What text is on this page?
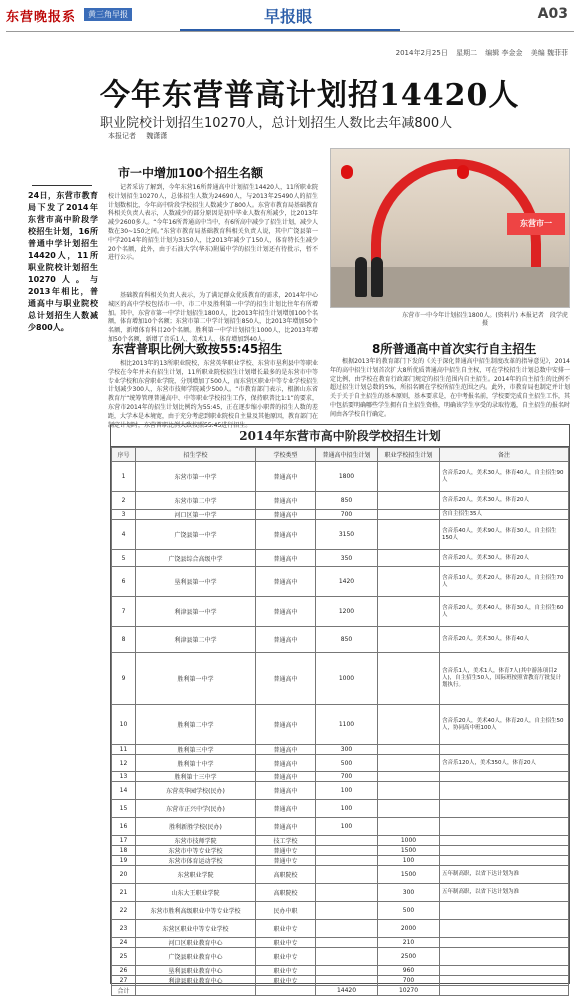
东营晚报系	黄三角早报	早报眼	A03
2014年2月25日 星期二 编辑 李金金 美编 魏菲菲
今年东营普高计划招14420人
职业院校计划招生10270人，总计划招生人数比去年减800人
本报记者 魏潇潇
24日，东营市教育局下发了2014年东营市高中阶段学校招生计划，16所普通中学计划招生14420人，11所职业院校计划招生10270人。与2013年相比，普通高中与职业院校总计划招生人数减少800人。
市一中增加100个招生名额
记者采访了解到，今年东营16所普通高中计划招生14420人，11所职业院校计划招生10270人，总体招生人数为24690人，与2013年25490人的招生计划数相比，今年高中阶段学校招生人数减少了800人。东营市教育局基础教育科相关负责人表示，人数减少的部分原因是初中毕业人数有所减少，比2013年减少2600多人。“今年16所普通高中当中，有6所高中减少了招生计划，减少人数在30~150之间。”东营市教育局基础教育科相关负责人说，其中广饶县第一中学2014年的招生计划为3150人，比2013年减少了150人，体育特长生减少20个名额，此外，由于石油大学(华东)附属中学的招生计划还有待批示，暂不进行公示。
基础教育科相关负责人表示，为了满足群众优质教育的需求，2014年中心城区的高中学校包括市一中、市二中及胜利第一中学的招生计划比往年有所增加。其中，东营市第一中学计划招生1800人，比2013年招生计划增加100个名额，体育增加10个名额；东营市第二中学计划招生850人，比2013年增加50个名额，新增体育科目20个名额。胜利第一中学计划招生1000人，比2013年增加50个名额，新增了音乐1人、美术1人、体育增加到40人。
东营普职比例大致按55:45招生
相比2013年的13所职业院校，东营英华职业学校、东营市垦利县中等职业学校在今年并未有招生计划，11所职业院校招生计划增长最多的是东营市中等专业学校和东营职业学院，分别增加了500人，而东营区职业中等专业学校招生计划减少300人，东营市技师学院减少500人。“市教育部门表示，根据山东省教育厅“统筹管理普通高中、中等职业学校招生工作，保持职普比1:1”的要求，东营市2014年的招生计划比例约为55:45，正在逐步缩小职普的招生人数的差距，大学本是本境宽，由于充分考虑到职业院校自主量及其他原因，教育部门在制定计划时，东营普职比例大致按照55:45进行招生。
东营市一
东营市一中今年计划招生1800人。(资料片) 本报记者　段学虎　摄
8所普通高中首次实行自主招生
根据2013年的教育部门下发的《关于深化普通高中招生制度改革的指导意见》，2014年的高中招生计划首次扩大8所优质普通高中招生自主权，可在学校招生计划总数中安排一定比例，由学校在教育行政部门规定的招生范围内自主招生。2014年的自主招生的比例不超过招生计划总数的5%，所招名额在学校所招生范围之内。此外，市教育局也制定并计划关于关于自主招生的基本原则，基本要求是，在中考报名前，学校要完成自主招生工作，其中包括要明确哪些学生拥有自主招生资格，明确该学生享受的录取待遇，自主招生的报名时间由各学校自行确定。
2014年东营市高中阶段学校招生计划
序号	招生学校	学校类型	普通高中招生计划	职业学校招生计划	备注
1	东营市第一中学	普通高中	1800		含音乐20人，美术30人，体育40人，自主招生90人
2	东营市第二中学	普通高中	850		含音乐20人，美术30人，体育20人
3	河口区第一中学	普通高中	700		含自主招生35人
4	广饶县第一中学	普通高中	3150		含音乐40人，美术90人，体育30人，自主招生150人
5	广饶县综合高级中学	普通高中	350		含音乐20人，美术30人，体育20人
6	垦利县第一中学	普通高中	1420		含音乐10人，美术20人，体育20人，自主招生70人
7	利津县第一中学	普通高中	1200		含音乐20人，美术40人，体育30人，自主招生60人
8	利津县第二中学	普通高中	850		含音乐20人，美术30人，体育40人
9	胜利第一中学	普通高中	1000		含音乐1人，美术1人，体育7人(其中游泳项目2人)，自主招生50人，国际班按照省教育厅批复计划执行。
10	胜利第二中学	普通高中	1100		含音乐20人，美术40人，体育20人，自主招生50人，协同高中班100人
11	胜利第三中学	普通高中	300		
12	胜利第十中学	普通高中	500		含音乐120人，美术350人，体育20人
13	胜利第十三中学	普通高中	700		
14	东营英华园学校(民办)	普通高中	100		
15	东营市正兴中学(民办)	普通高中	100		
16	胜利新胜学校(民办)	普通高中	100		
17	东营市技师学院	技工学校		1000	
18	东营市中等专业学校	普通中专		1500	
19	东营市体育运动学校	普通中专		100	
20	东营职业学院	高职院校		1500	五年制高职，以省下达计划为准
21	山东大王职业学院	高职院校		300	五年制高职，以省下达计划为准
22	东营市胜利高级职业中等专业学校	民办中职		500	
23	东营区职业中等专业学校	职业中专		2000	
24	河口区职业教育中心	职业中专		210	
25	广饶县职业教育中心	职业中专		2500	
26	垦利县职业教育中心	职业中专		960	
27	利津县职业教育中心	职业中专		700	
合计			14420	10270	
